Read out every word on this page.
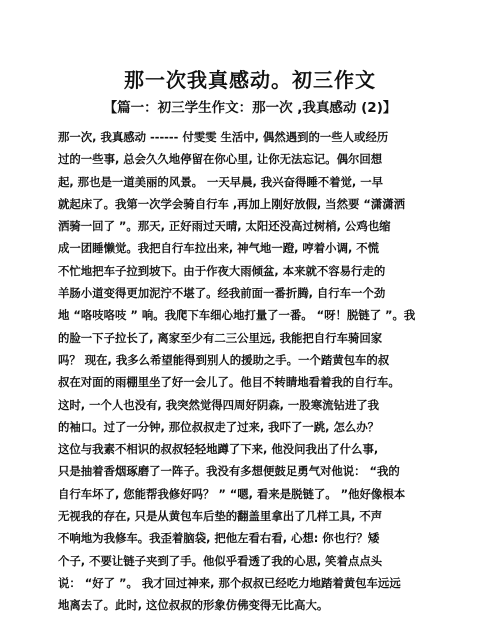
那一次我真感动。初三作文
【篇一：初三学生作文：那一次 ,我真感动 (2)】
那一次, 我真感动 ------ 付雯雯 生活中, 偶然遇到的一些人或经历
过的一些事, 总会久久地停留在你心里, 让你无法忘记。偶尔回想
起, 那也是一道美丽的风景。 一天早晨, 我兴奋得睡不着觉, 一早
就起床了。我第一次学会骑自行车 ,再加上刚好放假, 当然要 “潇潇洒
洒骑一回了 ”。那天, 正好雨过天晴, 太阳还没高过树梢, 公鸡也缩
成一团睡懒觉。我把自行车拉出来, 神气地一蹬, 哼着小调, 不慌
不忙地把车子拉到坡下。由于作夜大雨倾盆, 本来就不容易行走的
羊肠小道变得更加泥泞不堪了。经我前面一番折腾, 自行车一个劲
地 “咯吱咯吱 ” 响。我爬下车细心地打量了一番。 “呀！脱链了 ”。我
的脸一下子拉长了, 离家至少有二三公里远, 我能把自行车骑回家
吗？ 现在, 我多么希望能得到别人的援助之手。一个踏黄包车的叔
叔在对面的雨棚里坐了好一会儿了。他目不转睛地看着我的自行车。
这时, 一个人也没有, 我突然觉得四周好阴森, 一股寒流钻进了我
的袖口。过了一分钟, 那位叔叔走了过来, 我吓了一跳, 怎么办？
这位与我素不相识的叔叔轻轻地蹲了下来, 他没问我出了什么事,
只是抽着香烟琢磨了一阵子。我没有多想便鼓足勇气对他说： “我的
自行车坏了, 您能帮我修好吗？ ” “嗯, 看来是脱链了。 ”他好像根本
无视我的存在, 只是从黄包车后垫的翻盖里拿出了几样工具, 不声
不响地为我修车。我歪着脑袋, 把他左看右看, 心想: 你也行？矮
个子, 不要让链子夹到了手。他似乎看透了我的心思, 笑着点点头
说： “好了 ”。 我才回过神来, 那个叔叔已经吃力地踏着黄包车远远
地离去了。此时, 这位叔叔的形象仿佛变得无比高大。
